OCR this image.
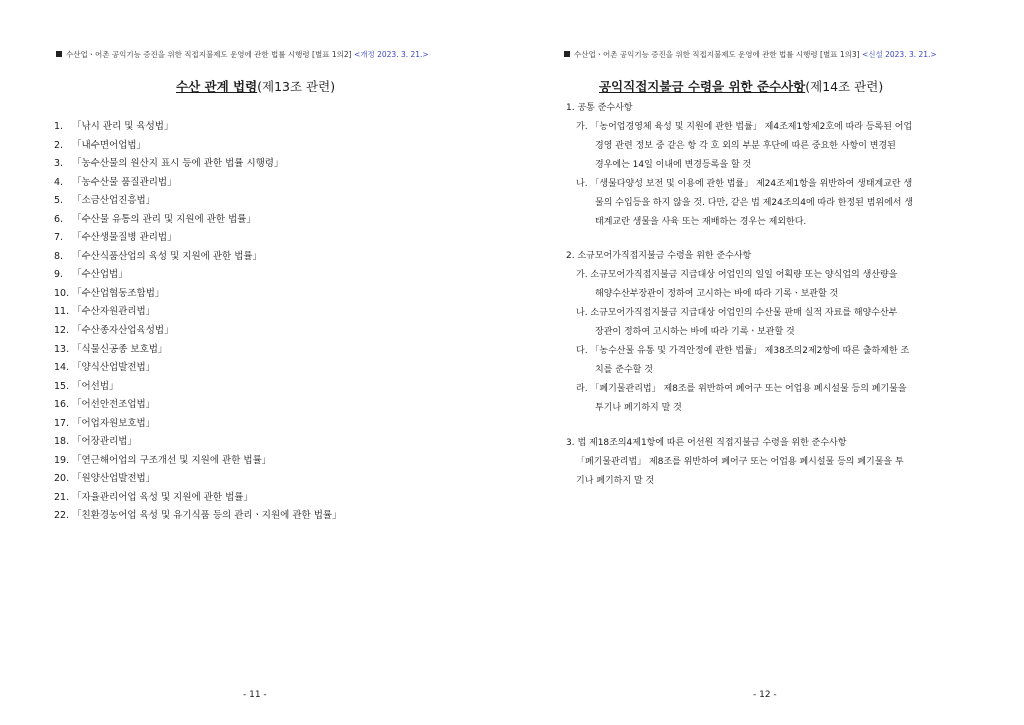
수산업ㆍ어촌 공익기능 증진을 위한 직접지불제도 운영에 관한 법률 시행령 [별표 1의2] <개정 2023. 3. 21.>
수산 관계 법령(제13조 관련)
1. 「낚시 관리 및 육성법」
2. 「내수면어업법」
3. 「농수산물의 원산지 표시 등에 관한 법률 시행령」
4. 「농수산물 품질관리법」
5. 「소금산업진흥법」
6. 「수산물 유통의 관리 및 지원에 관한 법률」
7. 「수산생물질병 관리법」
8. 「수산식품산업의 육성 및 지원에 관한 법률」
9. 「수산업법」
10. 「수산업협동조합법」
11. 「수산자원관리법」
12. 「수산종자산업육성법」
13. 「식물신공종 보호법」
14. 「양식산업발전법」
15. 「어선법」
16. 「어선안전조업법」
17. 「어업자원보호법」
18. 「어장관리법」
19. 「연근해어업의 구조개선 및 지원에 관한 법률」
20. 「원양산업발전법」
21. 「자율관리어업 육성 및 지원에 관한 법률」
22. 「친환경농어업 육성 및 유기식품 등의 관리ㆍ지원에 관한 법률」
- 11 -
수산업ㆍ어촌 공익기능 증진을 위한 직접지불제도 운영에 관한 법률 시행령 [별표 1의3] <신설 2023. 3. 21.>
공익직접지불금 수령을 위한 준수사항(제14조 관련)

1. 공통 준수사항

가. 「농어업경영체 육성 및 지원에 관한 법률」 제4조제1항제2호에 따라 등록된 어업

경영 관련 정보 중 같은 항 각 호 외의 부분 후단에 따른 중요한 사항이 변경된

경우에는 14일 이내에 변경등록을 할 것

나. 「생물다양성 보전 및 이용에 관한 법률」 제24조제1항을 위반하여 생태계교란 생

물의 수입등을 하지 않을 것. 다만, 같은 법 제24조의4에 따라 한정된 범위에서 생

태계교란 생물을 사육 또는 재배하는 경우는 제외한다.

2. 소규모어가직접지불금 수령을 위한 준수사항

가. 소규모어가직접지불금 지급대상 어업인의 일일 어획량 또는 양식업의 생산량을

해양수산부장관이 정하여 고시하는 바에 따라 기록ㆍ보관할 것

나. 소규모어가직접지불금 지급대상 어업인의 수산물 판매 실적 자료를 해양수산부

장관이 정하여 고시하는 바에 따라 기록ㆍ보관할 것

다. 「농수산물 유통 및 가격안정에 관한 법률」 제38조의2제2항에 따른 출하제한 조

치를 준수할 것

라. 「폐기물관리법」 제8조를 위반하여 폐어구 또는 어업용 폐시설물 등의 폐기물을

투기나 폐기하지 말 것

3. 법 제18조의4제1항에 따른 어선원 직접지불금 수령을 위한 준수사항

「폐기물관리법」 제8조를 위반하여 폐어구 또는 어업용 폐시설물 등의 폐기물을 투

기나 폐기하지 말 것

- 12 -
